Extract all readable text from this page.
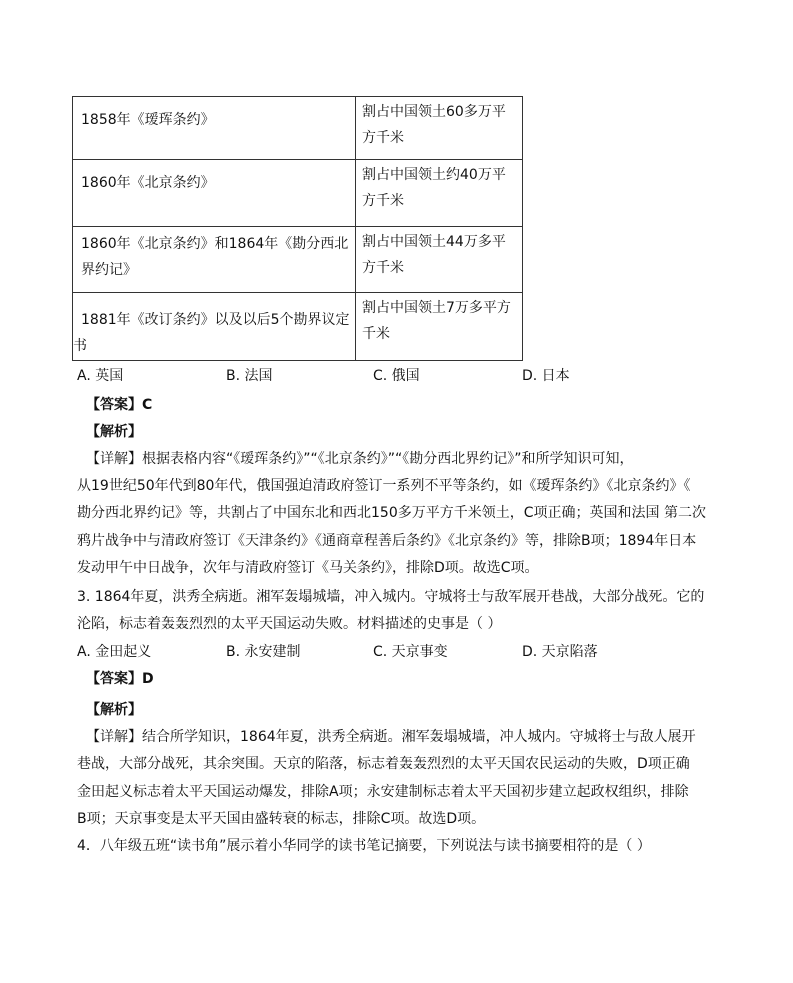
1858年《瑷珲条约》	割占中国领土60多万平方千米

1860年《北京条约》	割占中国领土约40万平方千米

1860年《北京条约》和1864年《勘分西北界约记》	割占中国领土44万多平方千米

1881年《改订条约》以及以后5个勘界议定书	割占中国领土7万多平方千米
A. 英国	B. 法国	C. 俄国	D. 日本
【答案】C
【解析】
【详解】根据表格内容“《瑷珲条约》”“《北京条约》”“《勘分西北界约记》”和所学知识可知，
从19世纪50年代到80年代，俄国强迫清政府签订一系列不平等条约，如《瑷珲条约》《北京条约》《
勘分西北界约记》等，共割占了中国东北和西北150多万平方千米领土，C项正确；英国和法国 第二次
鸦片战争中与清政府签订《天津条约》《通商章程善后条约》《北京条约》等，排除B项；1894年日本
发动甲午中日战争，次年与清政府签订《马关条约》，排除D项。故选C项。
3. 1864年夏，洪秀全病逝。湘军轰塌城墙，冲入城内。守城将士与敌军展开巷战，大部分战死。它的
沦陷，标志着轰轰烈烈的太平天国运动失败。材料描述的史事是（ ）
A. 金田起义	B. 永安建制	C. 天京事变	D. 天京陷落
【答案】D
【解析】
【详解】结合所学知识，1864年夏，洪秀全病逝。湘军轰塌城墙，冲人城内。守城将士与敌人展开
巷战，大部分战死，其余突围。天京的陷落，标志着轰轰烈烈的太平天国农民运动的失败，D项正确
金田起义标志着太平天国运动爆发，排除A项；永安建制标志着太平天国初步建立起政权组织，排除
B项；天京事变是太平天国由盛转衰的标志，排除C项。故选D项。
4．八年级五班“读书角”展示着小华同学的读书笔记摘要，下列说法与读书摘要相符的是（ ）
